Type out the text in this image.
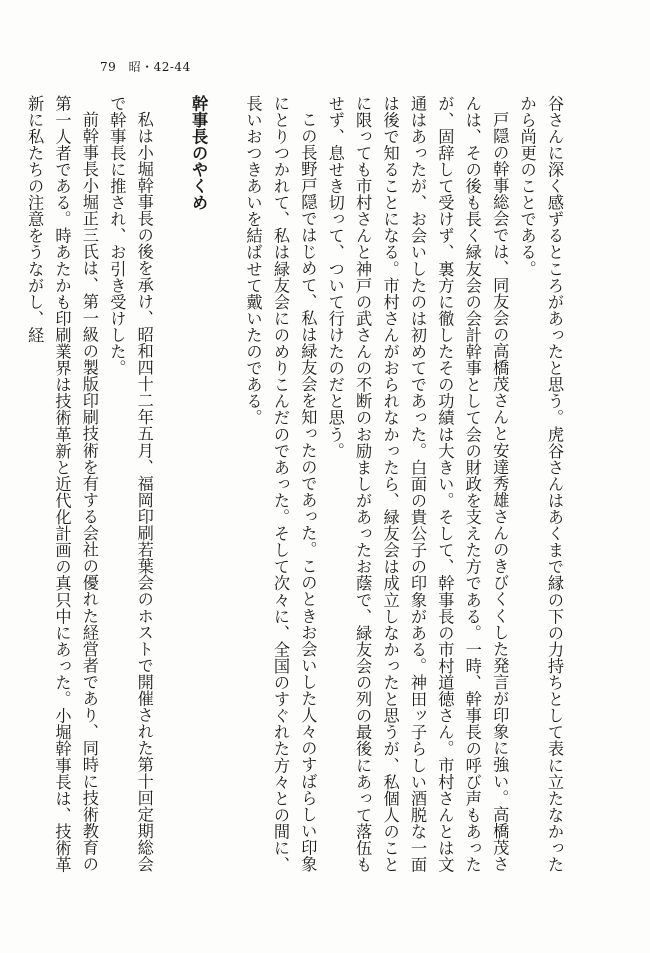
79 昭・42-44

谷さんに深く感ずるところがあったと思う。虎谷さんはあくまで縁の下の力持ちとして表に立たなかったから尚更のことである。

戸隠の幹事総会では、同友会の高橋茂さんと安達秀雄さんのきびくくした発言が印象に強い。高橋茂さんは、その後も長く緑友会の会計幹事として会の財政を支えた方である。一時、幹事長の呼び声もあったが、固辞して受けず、裏方に徹したその功績は大きい。そして、幹事長の市村道徳さん。市村さんとは文通はあったが、お会いしたのは初めてであった。白面の貴公子の印象がある。神田ッ子らしい酒脱な一面は後で知ることになる。市村さんがおられなかったら、緑友会は成立しなかったと思うが、私個人のことに限っても市村さんと神戸の武さんの不断のお励ましがあったお蔭で、緑友会の列の最後にあって落伍もせず、息せき切って、ついて行けたのだと思う。

この長野戸隠ではじめて、私は緑友会を知ったのであった。このときお会いした人々のすばらしい印象にとりつかれて、私は緑友会にのめりこんだのであった。そして次々に、全国のすぐれた方々との間に、長いおつきあいを結ばせて戴いたのである。

幹事長のやくめ

私は小堀幹事長の後を承け、昭和四十二年五月、福岡印刷若葉会のホストで開催された第十回定期総会で幹事長に推され、お引き受けした。

前幹事長小堀正三氏は、第一級の製版印刷技術を有する会社の優れた経営者であり、同時に技術教育の第一人者である。時あたかも印刷業界は技術革新と近代化計画の真只中にあった。小堀幹事長は、技術革新に私たちの注意をうながし、経
